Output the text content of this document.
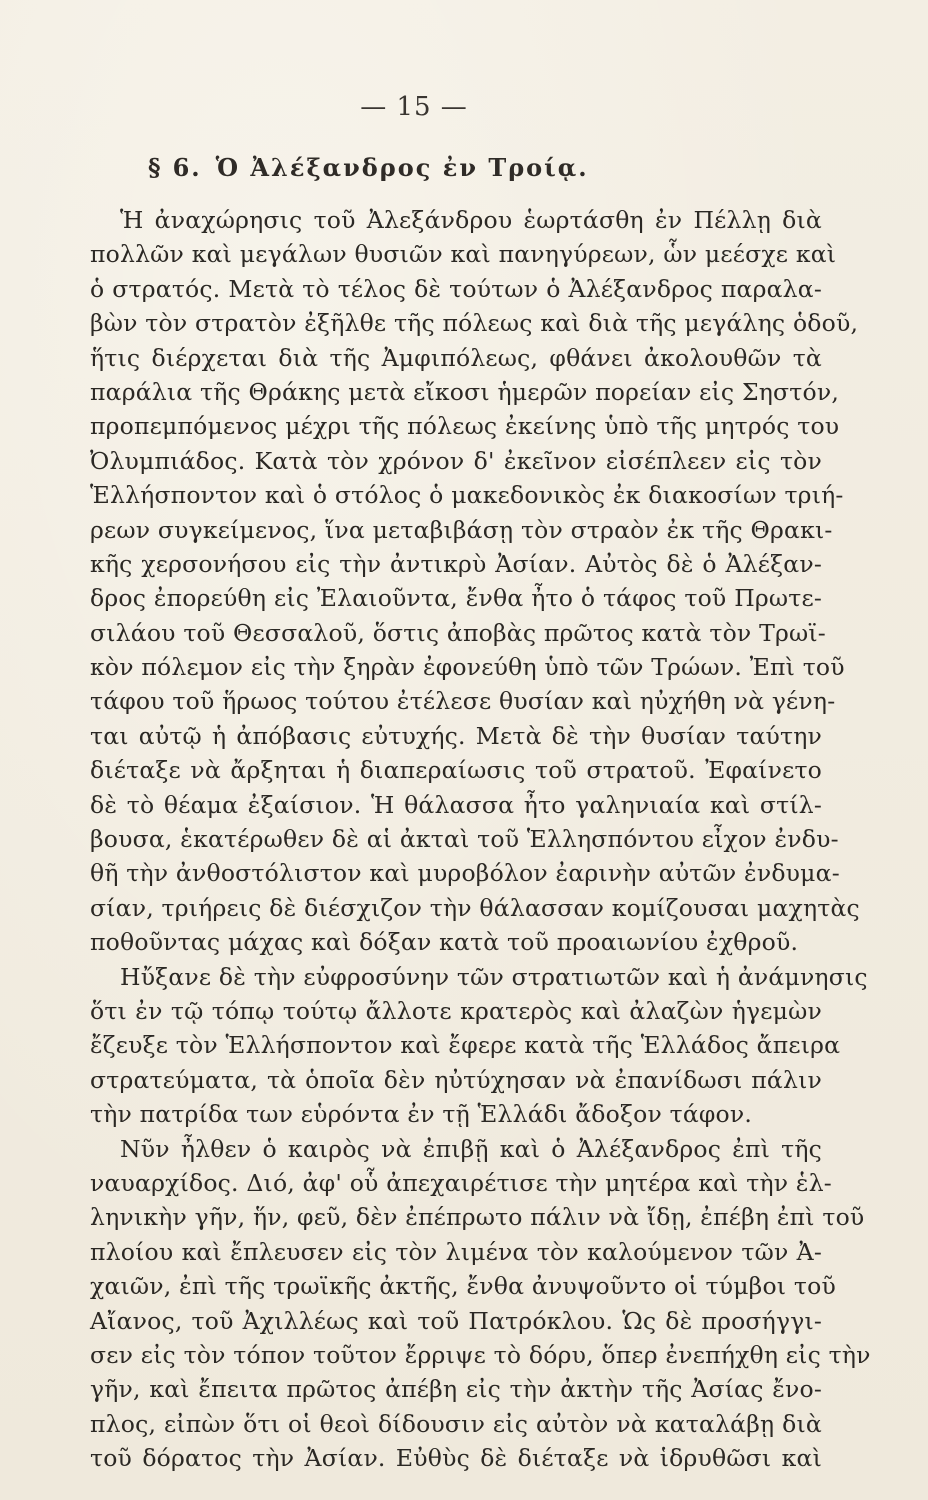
— 15 —
§ 6. Ὁ Ἀλέξανδρος ἐν Τροίᾳ.
Ἡ ἀναχώρησις τοῦ Ἀλεξάνδρου ἑωρτάσθη ἐν Πέλλῃ διὰ
πολλῶν καὶ μεγάλων θυσιῶν καὶ πανηγύρεων, ὧν μεέσχε καὶ
ὁ στρατός. Μετὰ τὸ τέλος δὲ τούτων ὁ Ἀλέξανδρος παραλα-
βὼν τὸν στρατὸν ἐξῆλθε τῆς πόλεως καὶ διὰ τῆς μεγάλης ὁδοῦ,
ἥτις διέρχεται διὰ τῆς Ἀμφιπόλεως, φθάνει ἀκολουθῶν τὰ
παράλια τῆς Θράκης μετὰ εἴκοσι ἡμερῶν πορείαν εἰς Σηστόν,
προπεμπόμενος μέχρι τῆς πόλεως ἐκείνης ὑπὸ τῆς μητρός του
Ὀλυμπιάδος. Κατὰ τὸν χρόνον δ' ἐκεῖνον εἰσέπλεεν εἰς τὸν
Ἑλλήσποντον καὶ ὁ στόλος ὁ μακεδονικὸς ἐκ διακοσίων τριή-
ρεων συγκείμενος, ἵνα μεταβιβάσῃ τὸν στραὸν ἐκ τῆς Θρακι-
κῆς χερσονήσου εἰς τὴν ἀντικρὺ Ἀσίαν. Αὐτὸς δὲ ὁ Ἀλέξαν-
δρος ἐπορεύθη εἰς Ἐλαιοῦντα, ἔνθα ἦτο ὁ τάφος τοῦ Πρωτε-
σιλάου τοῦ Θεσσαλοῦ, ὅστις ἀποβὰς πρῶτος κατὰ τὸν Τρωϊ-
κὸν πόλεμον εἰς τὴν ξηρὰν ἐφονεύθη ὑπὸ τῶν Τρώων. Ἐπὶ τοῦ
τάφου τοῦ ἥρωος τούτου ἐτέλεσε θυσίαν καὶ ηὐχήθη νὰ γένη-
ται αὐτῷ ἡ ἀπόβασις εὐτυχής. Μετὰ δὲ τὴν θυσίαν ταύτην
διέταξε νὰ ἄρξηται ἡ διαπεραίωσις τοῦ στρατοῦ. Ἐφαίνετο
δὲ τὸ θέαμα ἐξαίσιον. Ἡ θάλασσα ἦτο γαληνιαία καὶ στίλ-
βουσα, ἑκατέρωθεν δὲ αἱ ἀκταὶ τοῦ Ἑλλησπόντου εἶχον ἐνδυ-
θῆ τὴν ἀνθοστόλιστον καὶ μυροβόλον ἐαρινὴν αὐτῶν ἐνδυμα-
σίαν, τριήρεις δὲ διέσχιζον τὴν θάλασσαν κομίζουσαι μαχητὰς
ποθοῦντας μάχας καὶ δόξαν κατὰ τοῦ προαιωνίου ἐχθροῦ.
Ηὔξανε δὲ τὴν εὐφροσύνην τῶν στρατιωτῶν καὶ ἡ ἀνάμνησις
ὅτι ἐν τῷ τόπῳ τούτῳ ἄλλοτε κρατερὸς καὶ ἀλαζὼν ἡγεμὼν
ἔζευξε τὸν Ἑλλήσποντον καὶ ἔφερε κατὰ τῆς Ἑλλάδος ἄπειρα
στρατεύματα, τὰ ὁποῖα δὲν ηὐτύχησαν νὰ ἐπανίδωσι πάλιν
τὴν πατρίδα των εὑρόντα ἐν τῇ Ἑλλάδι ἄδοξον τάφον.
Νῦν ἦλθεν ὁ καιρὸς νὰ ἐπιβῇ καὶ ὁ Ἀλέξανδρος ἐπὶ τῆς
ναυαρχίδος. Διό, ἀφ' οὗ ἀπεχαιρέτισε τὴν μητέρα καὶ τὴν ἑλ-
ληνικὴν γῆν, ἥν, φεῦ, δὲν ἐπέπρωτο πάλιν νὰ ἴδῃ, ἐπέβη ἐπὶ τοῦ
πλοίου καὶ ἔπλευσεν εἰς τὸν λιμένα τὸν καλούμενον τῶν Ἀ-
χαιῶν, ἐπὶ τῆς τρωϊκῆς ἀκτῆς, ἔνθα ἀνυψοῦντο οἱ τύμβοι τοῦ
Αἴανος, τοῦ Ἀχιλλέως καὶ τοῦ Πατρόκλου. Ὡς δὲ προσήγγι-
σεν εἰς τὸν τόπον τοῦτον ἔρριψε τὸ δόρυ, ὅπερ ἐνεπήχθη εἰς τὴν
γῆν, καὶ ἔπειτα πρῶτος ἀπέβη εἰς τὴν ἀκτὴν τῆς Ἀσίας ἔνο-
πλος, εἰπὼν ὅτι οἱ θεοὶ δίδουσιν εἰς αὐτὸν νὰ καταλάβῃ διὰ
τοῦ δόρατος τὴν Ἀσίαν. Εὐθὺς δὲ διέταξε νὰ ἱδρυθῶσι καὶ
